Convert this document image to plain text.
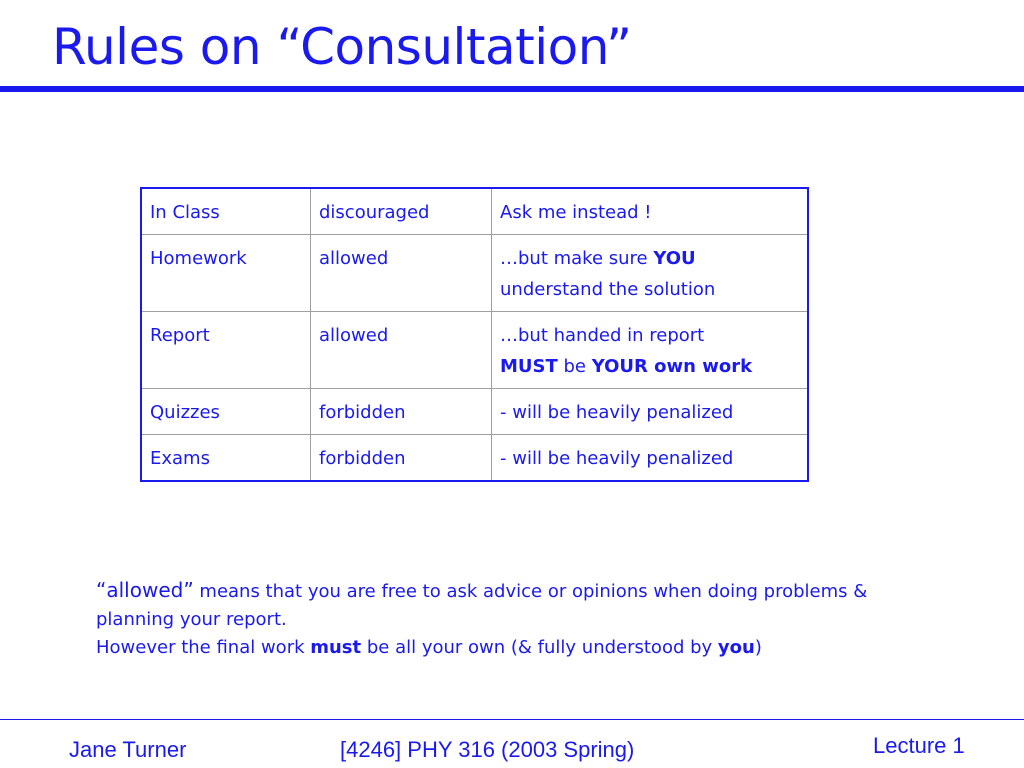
Rules on “Consultation”
In Class	discouraged	Ask me instead !
Homework	allowed	…but make sure YOU
understand the solution
Report	allowed	…but handed in report
MUST be YOUR own work
Quizzes	forbidden	- will be heavily penalized
Exams	forbidden	- will be heavily penalized
“allowed” means that you are free to ask advice or opinions when doing problems & planning your report.
However the final work must be all your own (& fully understood by you)
Jane Turner	[4246] PHY 316 (2003 Spring)	Lecture 1
